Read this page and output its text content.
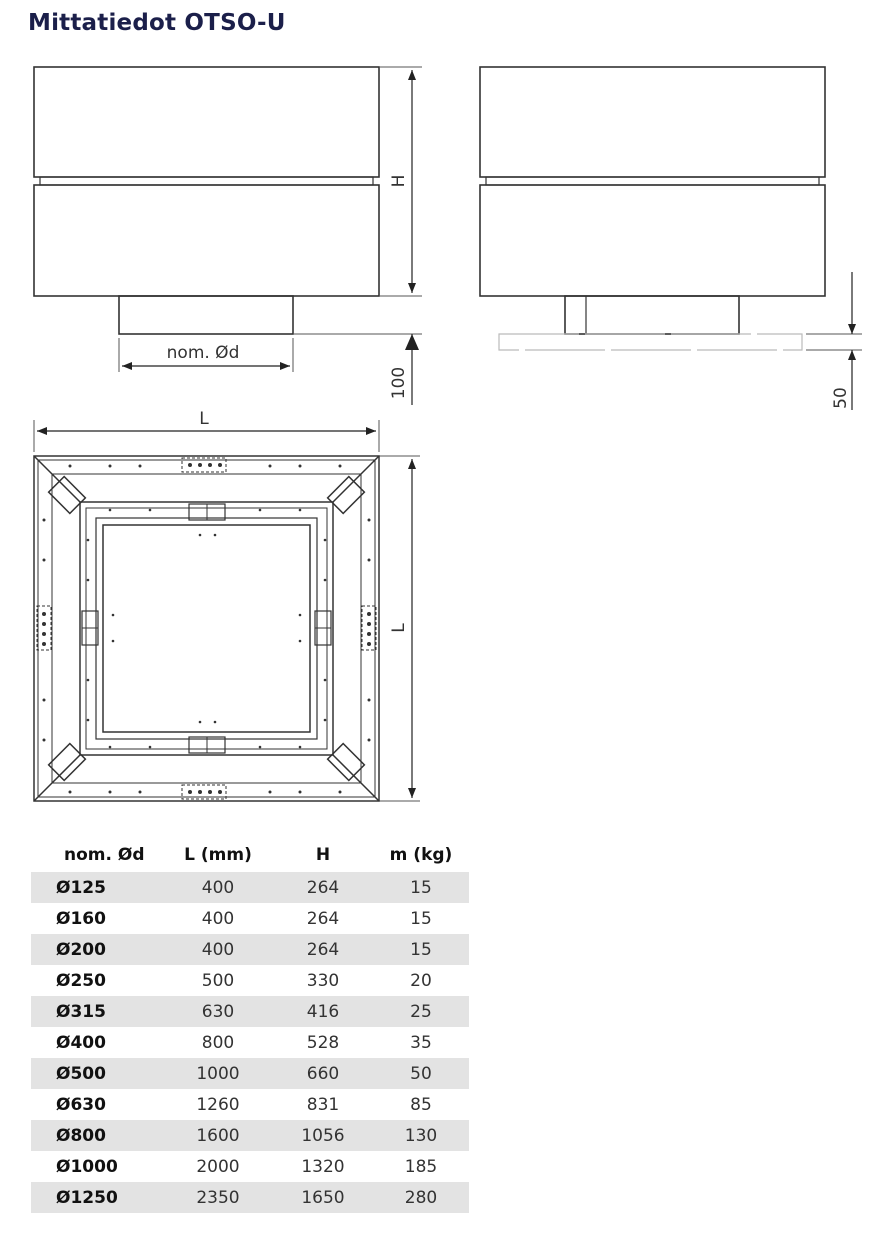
Mittatiedot OTSO-U
H
100
nom. Ød
50
L
L
nom. Ød	L (mm)	H	m (kg)
Ø125	400	264	15
Ø160	400	264	15
Ø200	400	264	15
Ø250	500	330	20
Ø315	630	416	25
Ø400	800	528	35
Ø500	1000	660	50
Ø630	1260	831	85
Ø800	1600	1056	130
Ø1000	2000	1320	185
Ø1250	2350	1650	280
